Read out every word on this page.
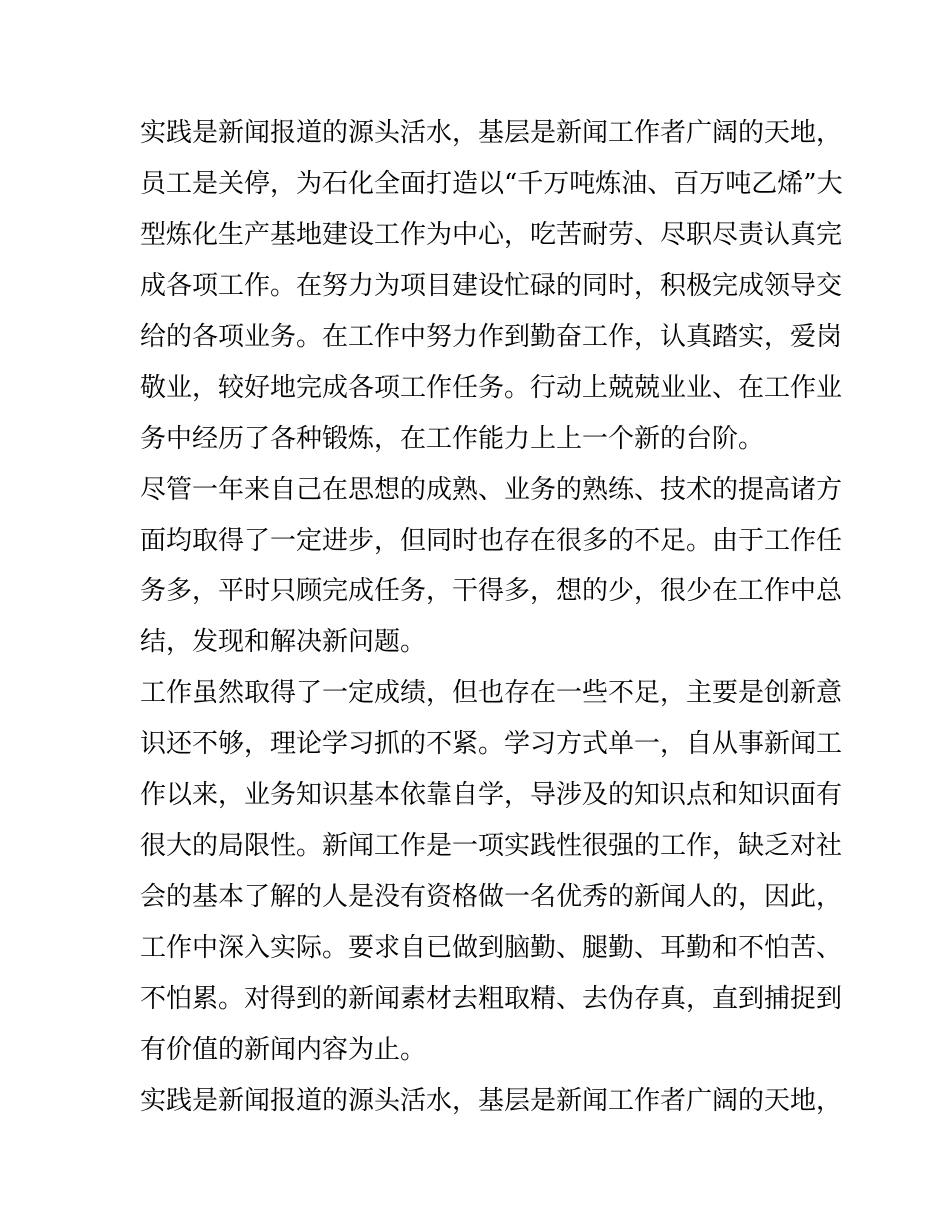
实践是新闻报道的源头活水，基层是新闻工作者广阔的天地，
员工是关停，为石化全面打造以“千万吨炼油、百万吨乙烯”大
型炼化生产基地建设工作为中心，吃苦耐劳、尽职尽责认真完
成各项工作。在努力为项目建设忙碌的同时，积极完成领导交
给的各项业务。在工作中努力作到勤奋工作，认真踏实，爱岗
敬业，较好地完成各项工作任务。行动上兢兢业业、在工作业
务中经历了各种锻炼，在工作能力上上一个新的台阶。
尽管一年来自己在思想的成熟、业务的熟练、技术的提高诸方
面均取得了一定进步，但同时也存在很多的不足。由于工作任
务多，平时只顾完成任务，干得多，想的少，很少在工作中总
结，发现和解决新问题。
工作虽然取得了一定成绩，但也存在一些不足，主要是创新意
识还不够，理论学习抓的不紧。学习方式单一，自从事新闻工
作以来，业务知识基本依靠自学，导涉及的知识点和知识面有
很大的局限性。新闻工作是一项实践性很强的工作，缺乏对社
会的基本了解的人是没有资格做一名优秀的新闻人的，因此，
工作中深入实际。要求自已做到脑勤、腿勤、耳勤和不怕苦、
不怕累。对得到的新闻素材去粗取精、去伪存真，直到捕捉到
有价值的新闻内容为止。
实践是新闻报道的源头活水，基层是新闻工作者广阔的天地，
